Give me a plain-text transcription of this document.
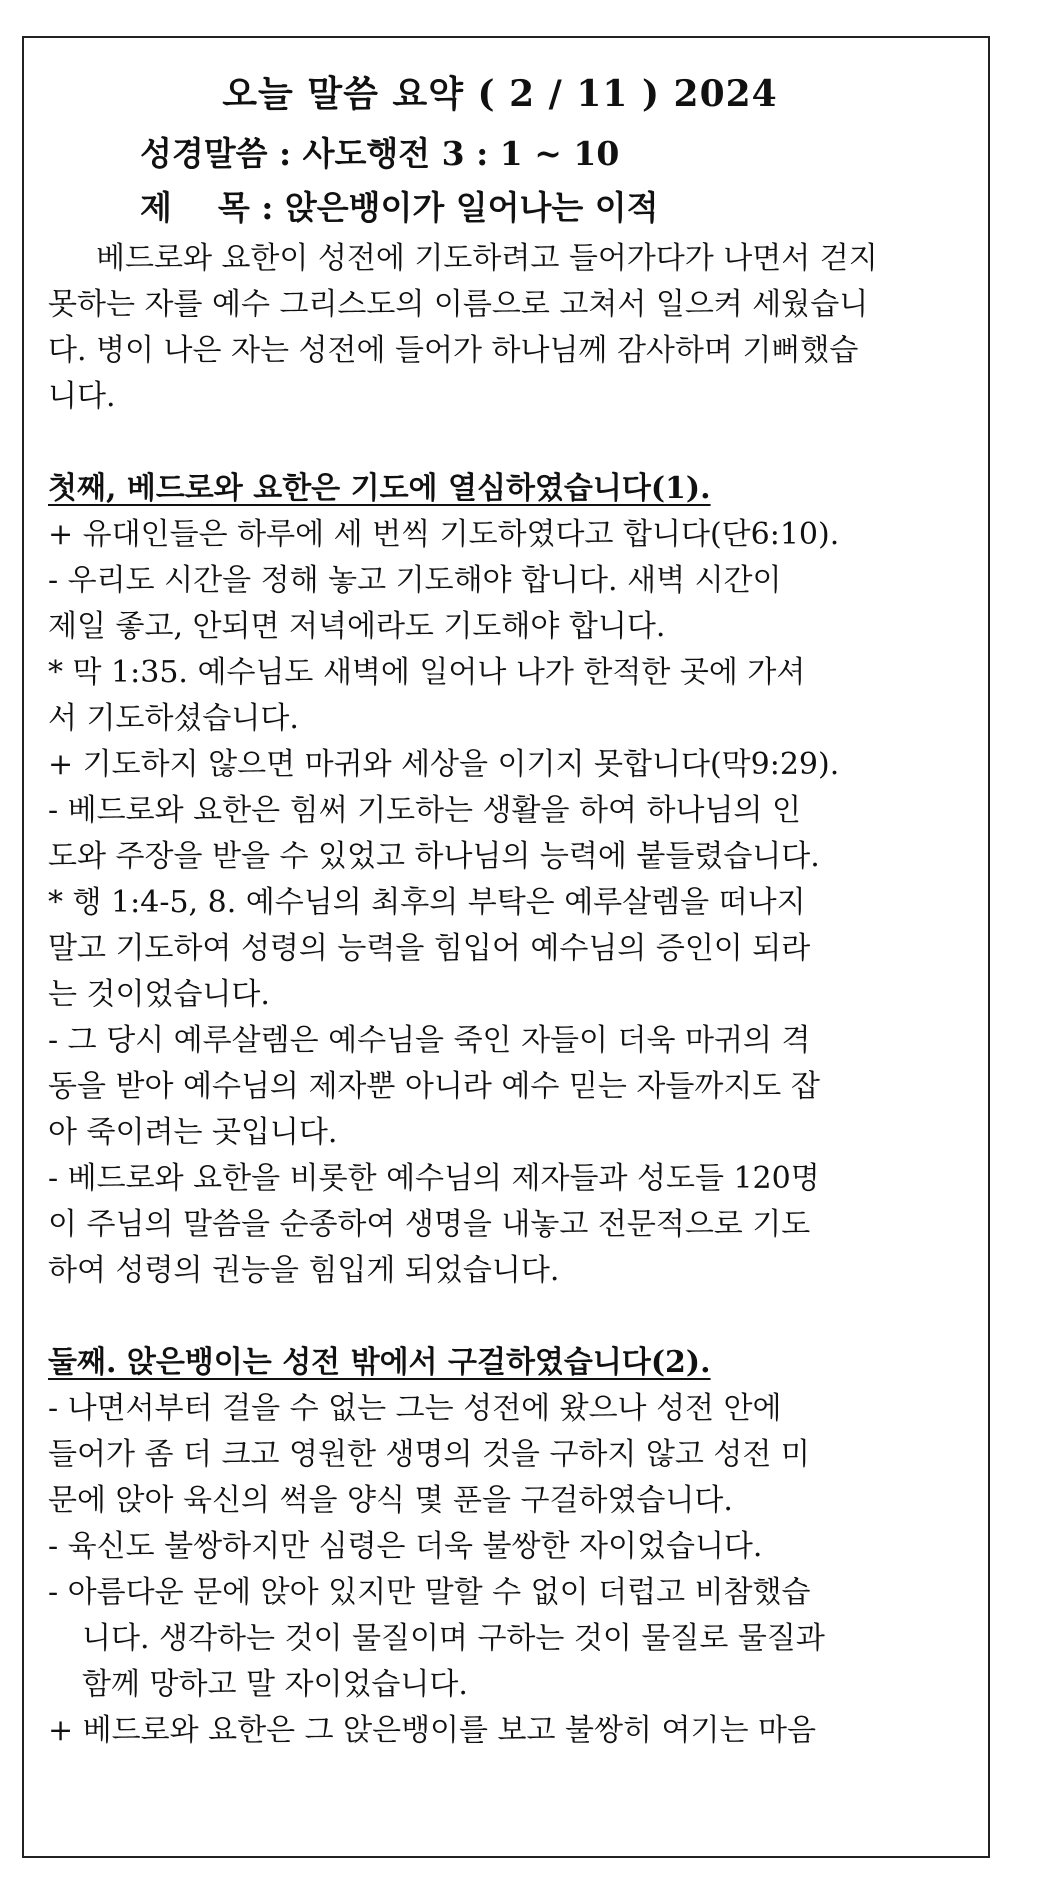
오늘 말씀 요약 ( 2 / 11 ) 2024
성경말씀 : 사도행전 3 : 1 ~ 10
제    목 : 앉은뱅이가 일어나는 이적
베드로와 요한이 성전에 기도하려고 들어가다가 나면서 걷지
못하는 자를 예수 그리스도의 이름으로 고쳐서 일으켜 세웠습니
다. 병이 나은 자는 성전에 들어가 하나님께 감사하며 기뻐했습
니다.
첫째, 베드로와 요한은 기도에 열심하였습니다(1).
+ 유대인들은 하루에 세 번씩 기도하였다고 합니다(단6:10).
- 우리도 시간을 정해 놓고 기도해야 합니다. 새벽 시간이
제일 좋고, 안되면 저녁에라도 기도해야 합니다.
* 막 1:35. 예수님도 새벽에 일어나 나가 한적한 곳에 가셔
서 기도하셨습니다.
+ 기도하지 않으면 마귀와 세상을 이기지 못합니다(막9:29).
- 베드로와 요한은 힘써 기도하는 생활을 하여 하나님의 인
도와 주장을 받을 수 있었고 하나님의 능력에 붙들렸습니다.
* 행 1:4-5, 8. 예수님의 최후의 부탁은 예루살렘을 떠나지
말고 기도하여 성령의 능력을 힘입어 예수님의 증인이 되라
는 것이었습니다.
- 그 당시 예루살렘은 예수님을 죽인 자들이 더욱 마귀의 격
동을 받아 예수님의 제자뿐 아니라 예수 믿는 자들까지도 잡
아 죽이려는 곳입니다.
- 베드로와 요한을 비롯한 예수님의 제자들과 성도들 120명
이 주님의 말씀을 순종하여 생명을 내놓고 전문적으로 기도
하여 성령의 권능을 힘입게 되었습니다.
둘째. 앉은뱅이는 성전 밖에서 구걸하였습니다(2).
- 나면서부터 걸을 수 없는 그는 성전에 왔으나 성전 안에
들어가 좀 더 크고 영원한 생명의 것을 구하지 않고 성전 미
문에 앉아 육신의 썩을 양식 몇 푼을 구걸하였습니다.
- 육신도 불쌍하지만 심령은 더욱 불쌍한 자이었습니다.
- 아름다운 문에 앉아 있지만 말할 수 없이 더럽고 비참했습
니다. 생각하는 것이 물질이며 구하는 것이 물질로 물질과
함께 망하고 말 자이었습니다.
+ 베드로와 요한은 그 앉은뱅이를 보고 불쌍히 여기는 마음
